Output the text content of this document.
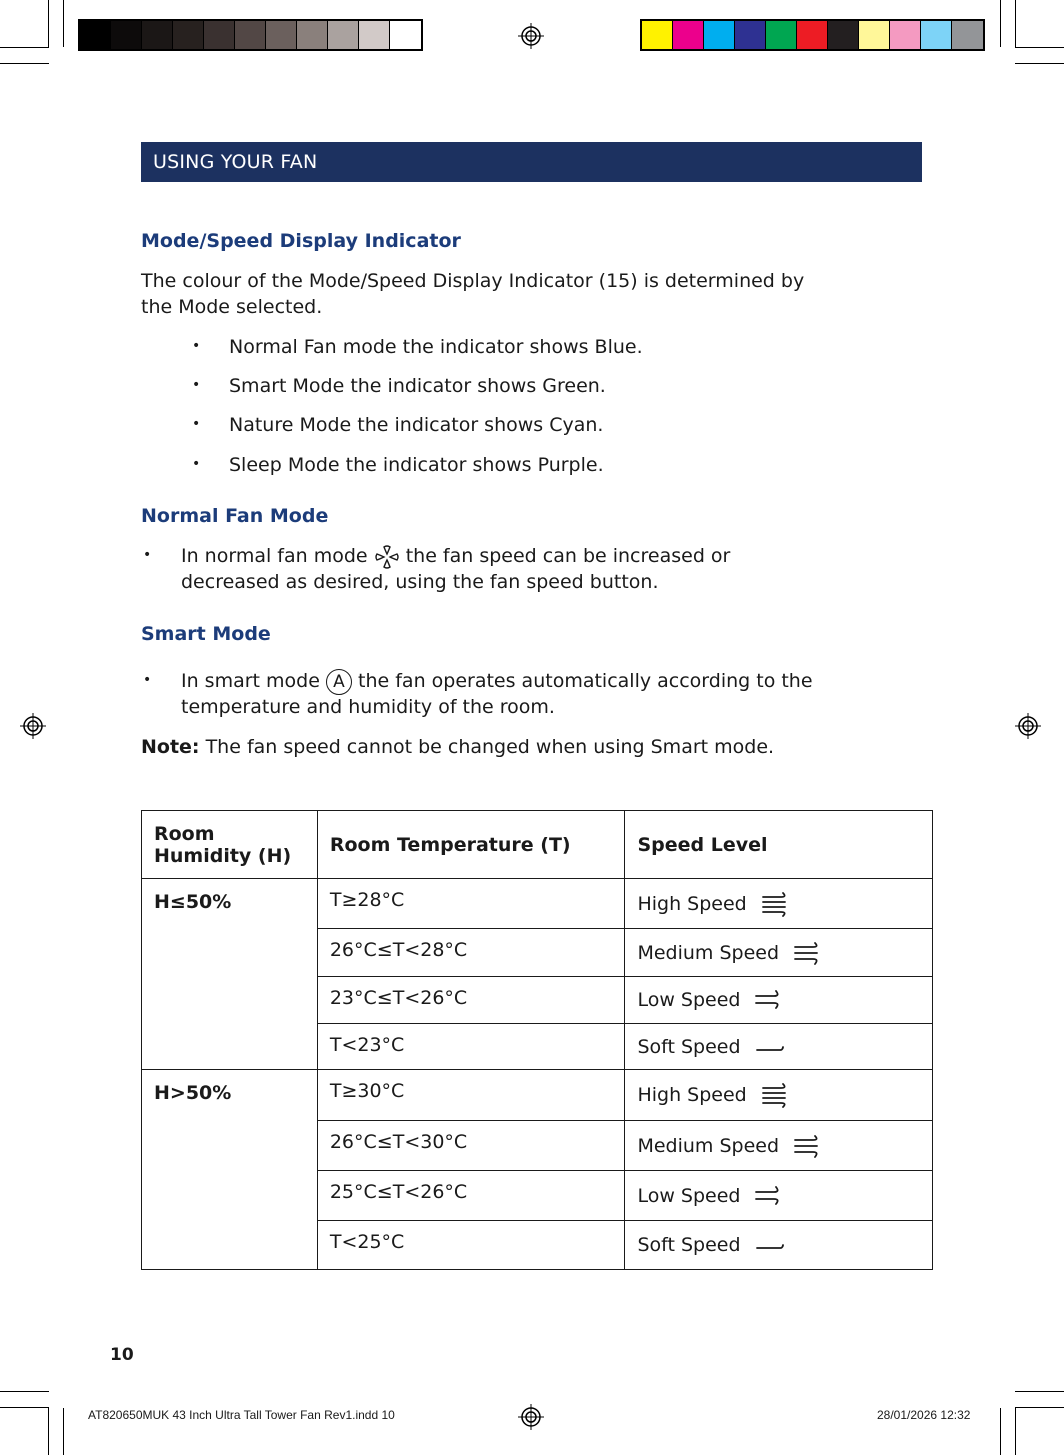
USING YOUR FAN
Mode/Speed Display Indicator
The colour of the Mode/Speed Display Indicator (15) is determined by
the Mode selected.
• Normal Fan mode the indicator shows Blue.
• Smart Mode the indicator shows Green.
• Nature Mode the indicator shows Cyan.
• Sleep Mode the indicator shows Purple.
Normal Fan Mode
• In normal fan mode the fan speed can be increased or
decreased as desired, using the fan speed button.
Smart Mode
• In smart mode A the fan operates automatically according to the
temperature and humidity of the room.
Note: The fan speed cannot be changed when using Smart mode.
Room
Humidity (H)	Room Temperature (T)	Speed Level
H≤50%	T≥28°C	High Speed

	26°C≤T<28°C	Medium Speed

	23°C≤T<26°C	Low Speed

	T<23°C	Soft Speed

H>50%	T≥30°C	High Speed

	26°C≤T<30°C	Medium Speed

	25°C≤T<26°C	Low Speed

	T<25°C	Soft Speed
10
AT820650MUK 43 Inch Ultra Tall Tower Fan Rev1.indd 10	28/01/2026 12:32
